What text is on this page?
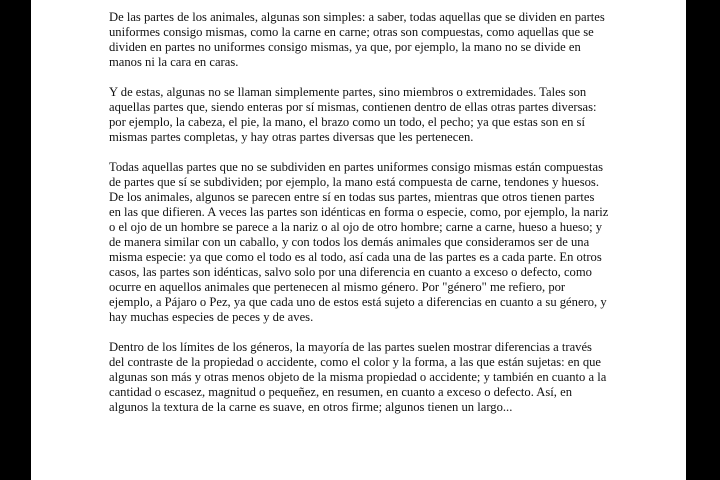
De las partes de los animales, algunas son simples: a saber, todas aquellas que se dividen en partes uniformes consigo mismas, como la carne en carne; otras son compuestas, como aquellas que se dividen en partes no uniformes consigo mismas, ya que, por ejemplo, la mano no se divide en manos ni la cara en caras.

Y de estas, algunas no se llaman simplemente partes, sino miembros o extremidades. Tales son aquellas partes que, siendo enteras por sí mismas, contienen dentro de ellas otras partes diversas: por ejemplo, la cabeza, el pie, la mano, el brazo como un todo, el pecho; ya que estas son en sí mismas partes completas, y hay otras partes diversas que les pertenecen.

Todas aquellas partes que no se subdividen en partes uniformes consigo mismas están compuestas de partes que sí se subdividen; por ejemplo, la mano está compuesta de carne, tendones y huesos. De los animales, algunos se parecen entre sí en todas sus partes, mientras que otros tienen partes en las que difieren. A veces las partes son idénticas en forma o especie, como, por ejemplo, la nariz o el ojo de un hombre se parece a la nariz o al ojo de otro hombre; carne a carne, hueso a hueso; y de manera similar con un caballo, y con todos los demás animales que consideramos ser de una misma especie: ya que como el todo es al todo, así cada una de las partes es a cada parte. En otros casos, las partes son idénticas, salvo solo por una diferencia en cuanto a exceso o defecto, como ocurre en aquellos animales que pertenecen al mismo género. Por "género" me refiero, por ejemplo, a Pájaro o Pez, ya que cada uno de estos está sujeto a diferencias en cuanto a su género, y hay muchas especies de peces y de aves.

Dentro de los límites de los géneros, la mayoría de las partes suelen mostrar diferencias a través del contraste de la propiedad o accidente, como el color y la forma, a las que están sujetas: en que algunas son más y otras menos objeto de la misma propiedad o accidente; y también en cuanto a la cantidad o escasez, magnitud o pequeñez, en resumen, en cuanto a exceso o defecto. Así, en algunos la textura de la carne es suave, en otros firme; algunos tienen un largo...
